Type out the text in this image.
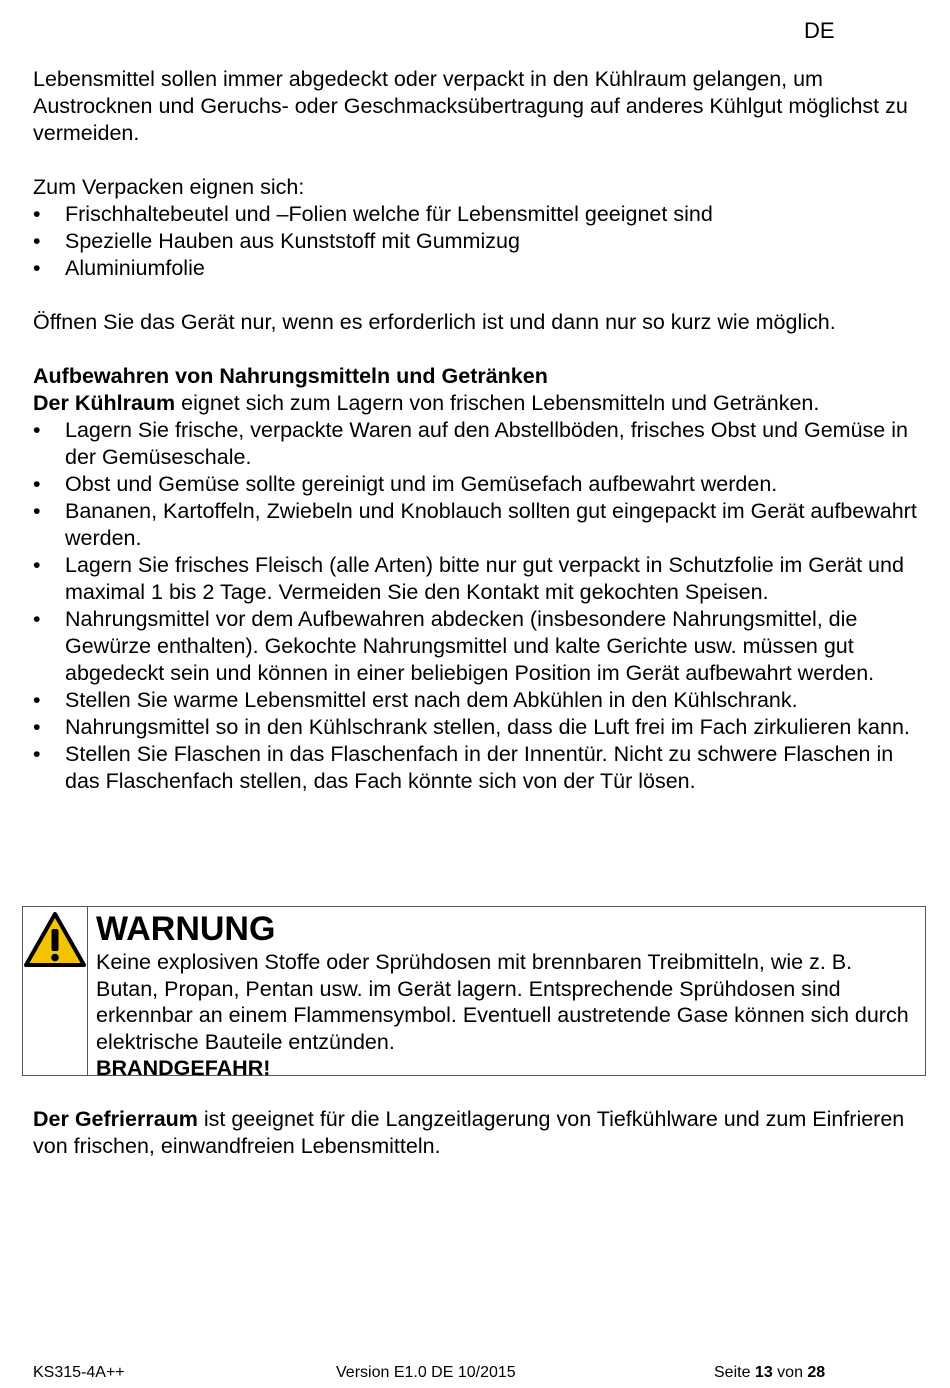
DE

Lebensmittel sollen immer abgedeckt oder verpackt in den Kühlraum gelangen, um Austrocknen und Geruchs- oder Geschmacksübertragung auf anderes Kühlgut möglichst zu vermeiden.

Zum Verpacken eignen sich:

• Frischhaltebeutel und –Folien welche für Lebensmittel geeignet sind
• Spezielle Hauben aus Kunststoff mit Gummizug
• Aluminiumfolie

Öffnen Sie das Gerät nur, wenn es erforderlich ist und dann nur so kurz wie möglich.

Aufbewahren von Nahrungsmitteln und Getränken

Der Kühlraum eignet sich zum Lagern von frischen Lebensmitteln und Getränken.

• Lagern Sie frische, verpackte Waren auf den Abstellböden, frisches Obst und Gemüse in der Gemüseschale.
• Obst und Gemüse sollte gereinigt und im Gemüsefach aufbewahrt werden.
• Bananen, Kartoffeln, Zwiebeln und Knoblauch sollten gut eingepackt im Gerät aufbewahrt werden.
• Lagern Sie frisches Fleisch (alle Arten) bitte nur gut verpackt in Schutzfolie im Gerät und maximal 1 bis 2 Tage. Vermeiden Sie den Kontakt mit gekochten Speisen.
• Nahrungsmittel vor dem Aufbewahren abdecken (insbesondere Nahrungsmittel, die Gewürze enthalten). Gekochte Nahrungsmittel und kalte Gerichte usw. müssen gut abgedeckt sein und können in einer beliebigen Position im Gerät aufbewahrt werden.
• Stellen Sie warme Lebensmittel erst nach dem Abkühlen in den Kühlschrank.
• Nahrungsmittel so in den Kühlschrank stellen, dass die Luft frei im Fach zirkulieren kann.
• Stellen Sie Flaschen in das Flaschenfach in der Innentür. Nicht zu schwere Flaschen in das Flaschenfach stellen, das Fach könnte sich von der Tür lösen.
WARNUNG
Keine explosiven Stoffe oder Sprühdosen mit brennbaren Treibmitteln, wie z. B. Butan, Propan, Pentan usw. im Gerät lagern. Entsprechende Sprühdosen sind erkennbar an einem Flammensymbol. Eventuell austretende Gase können sich durch elektrische Bauteile entzünden.
BRANDGEFAHR!
Der Gefrierraum ist geeignet für die Langzeitlagerung von Tiefkühlware und zum Einfrieren von frischen, einwandfreien Lebensmitteln.
KS315-4A++	Version E1.0 DE 10/2015	Seite 13 von 28
